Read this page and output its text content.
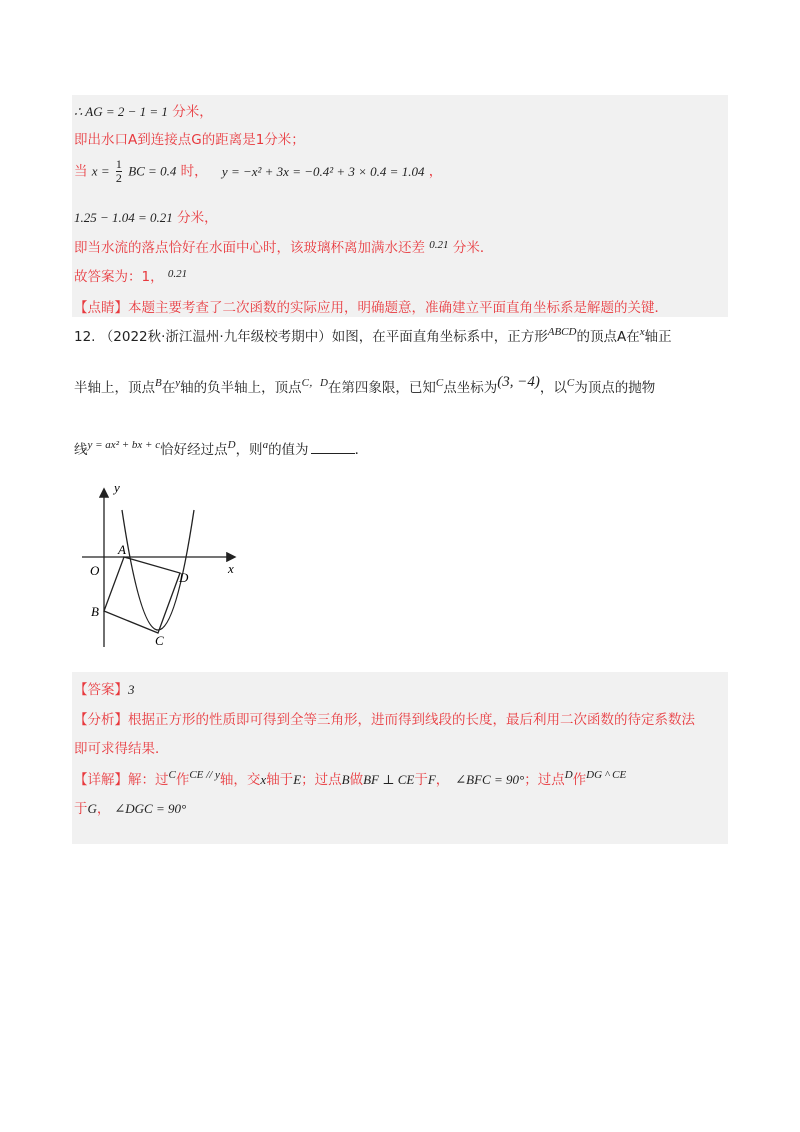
∴ AG = 2 − 1 = 1 分米，
即出水口A到连接点G的距离是1分米；
当 $x = \frac{1}{2}$ BC = 0.4 时， y = −x² + 3x = −0.4² + 3 × 0.4 = 1.04 ，
1.25 − 1.04 = 0.21 分米，
即当水流的落点恰好在水面中心时，该玻璃杯离加满水还差 $^{0.21}$ 分米．
故答案为：1， $^{0.21}$
【点睛】本题主要考查了二次函数的实际应用，明确题意，准确建立平面直角坐标系是解题的关键．
12. （2022秋·浙江温州·九年级校考期中）如图，在平面直角坐标系中，正方形$^{ABCD}$的顶点A在$^x$轴正
半轴上，顶点$^B$在$^y$轴的负半轴上，顶点$^{C,D}$在第四象限，已知$^C$点坐标为(3, −4)，以$^C$为顶点的抛物
线$^{y = ax^2 + bx + c}$恰好经过点$^D$，则$^a$的值为	．
y
x
O
A
B
C
D
【答案】3
【分析】根据正方形的性质即可得到全等三角形，进而得到线段的长度，最后利用二次函数的待定系数法
即可求得结果．
【详解】解：过$^C$作$^{CE // y}$轴，交x轴于E；过点B做BF ⊥ CE于F， ∠BFC = 90°；过点$^D$作$^{DG \^{} CE}$
于G， ∠DGC = 90°
